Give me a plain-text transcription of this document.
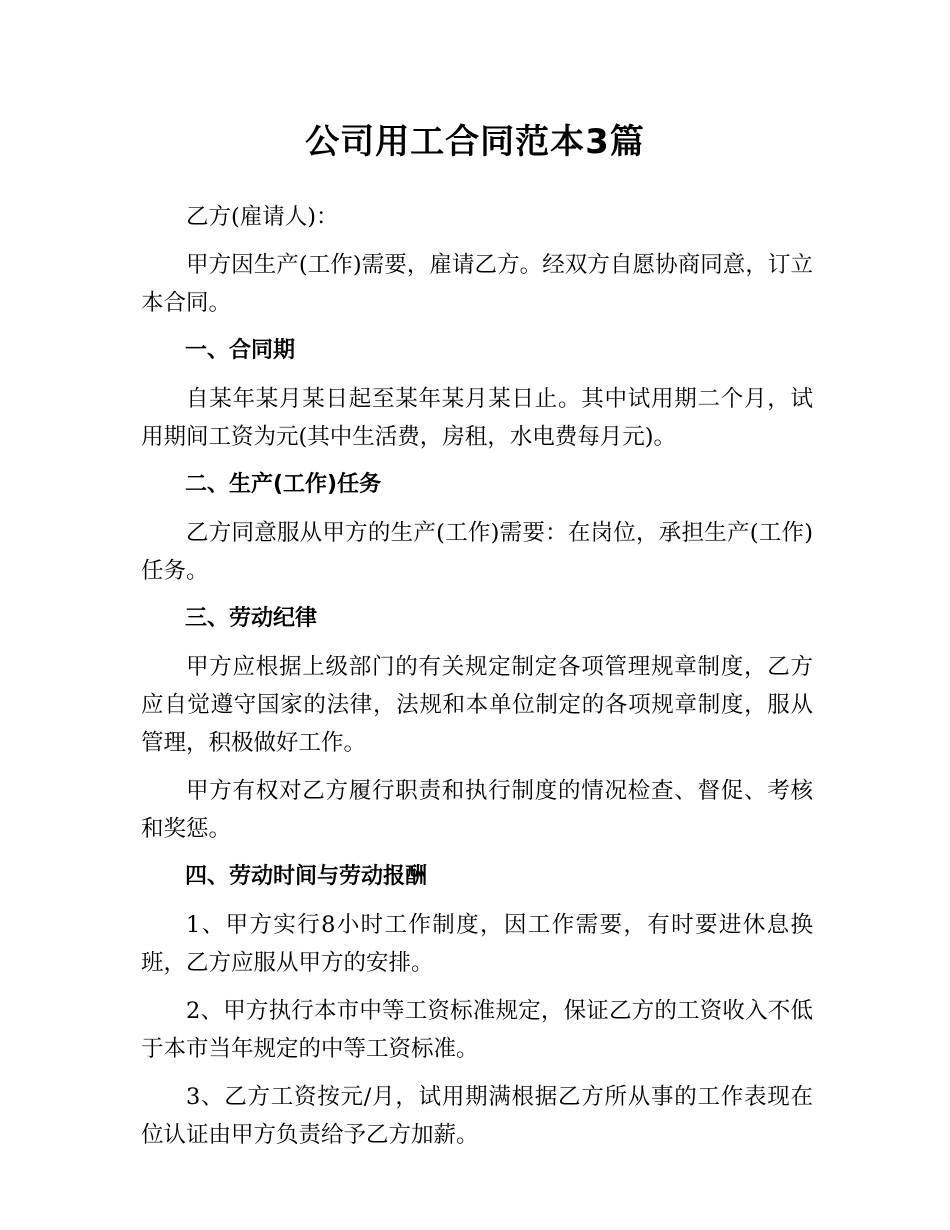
公司用工合同范本3篇

乙方(雇请人)：

甲方因生产(工作)需要，雇请乙方。经双方自愿协商同意，订立本合同。

一、合同期

自某年某月某日起至某年某月某日止。其中试用期二个月，试用期间工资为元(其中生活费，房租，水电费每月元)。

二、生产(工作)任务

乙方同意服从甲方的生产(工作)需要：在岗位，承担生产(工作)任务。

三、劳动纪律

甲方应根据上级部门的有关规定制定各项管理规章制度，乙方应自觉遵守国家的法律，法规和本单位制定的各项规章制度，服从管理，积极做好工作。

甲方有权对乙方履行职责和执行制度的情况检查、督促、考核和奖惩。

四、劳动时间与劳动报酬

1、甲方实行8小时工作制度，因工作需要，有时要进休息换班，乙方应服从甲方的安排。

2、甲方执行本市中等工资标准规定，保证乙方的工资收入不低于本市当年规定的中等工资标准。

3、乙方工资按元/月，试用期满根据乙方所从事的工作表现在位认证由甲方负责给予乙方加薪。
